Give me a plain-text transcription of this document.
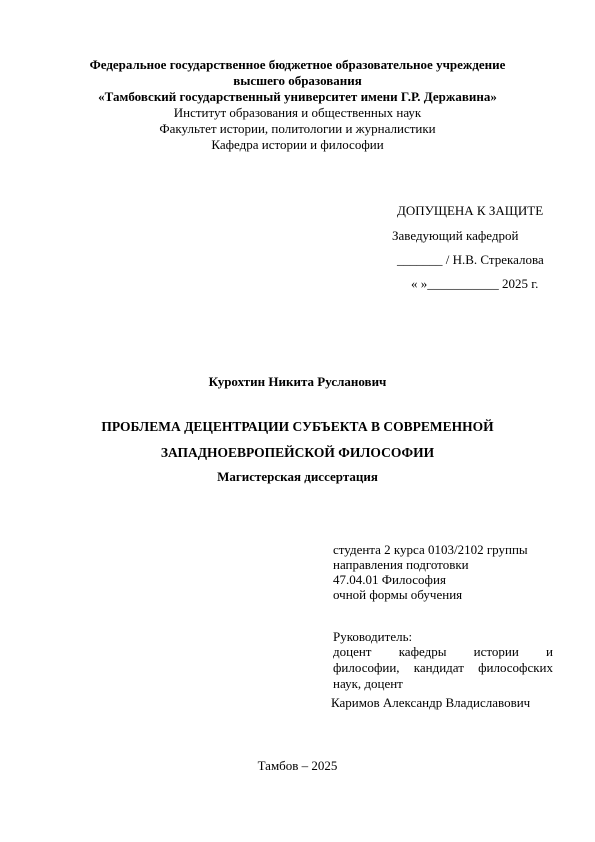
Федеральное государственное бюджетное образовательное учреждение
высшего образования
«Тамбовский государственный университет имени Г.Р. Державина»
Институт образования и общественных наук
Факультет истории, политологии и журналистики
Кафедра истории и философии
ДОПУЩЕНА К ЗАЩИТЕ
Заведующий кафедрой
_______ / Н.В. Стрекалова
« »___________ 2025 г.
Курохтин Никита Русланович
ПРОБЛЕМА ДЕЦЕНТРАЦИИ СУБЪЕКТА В СОВРЕМЕННОЙ
ЗАПАДНОЕВРОПЕЙСКОЙ ФИЛОСОФИИ
Магистерская диссертация
студента 2 курса 0103/2102 группы
направления подготовки
47.04.01 Философия
очной формы обучения
Руководитель:
доцент кафедры истории и
философии, кандидат философских
наук, доцент
Каримов Александр Владиславович
Тамбов – 2025
